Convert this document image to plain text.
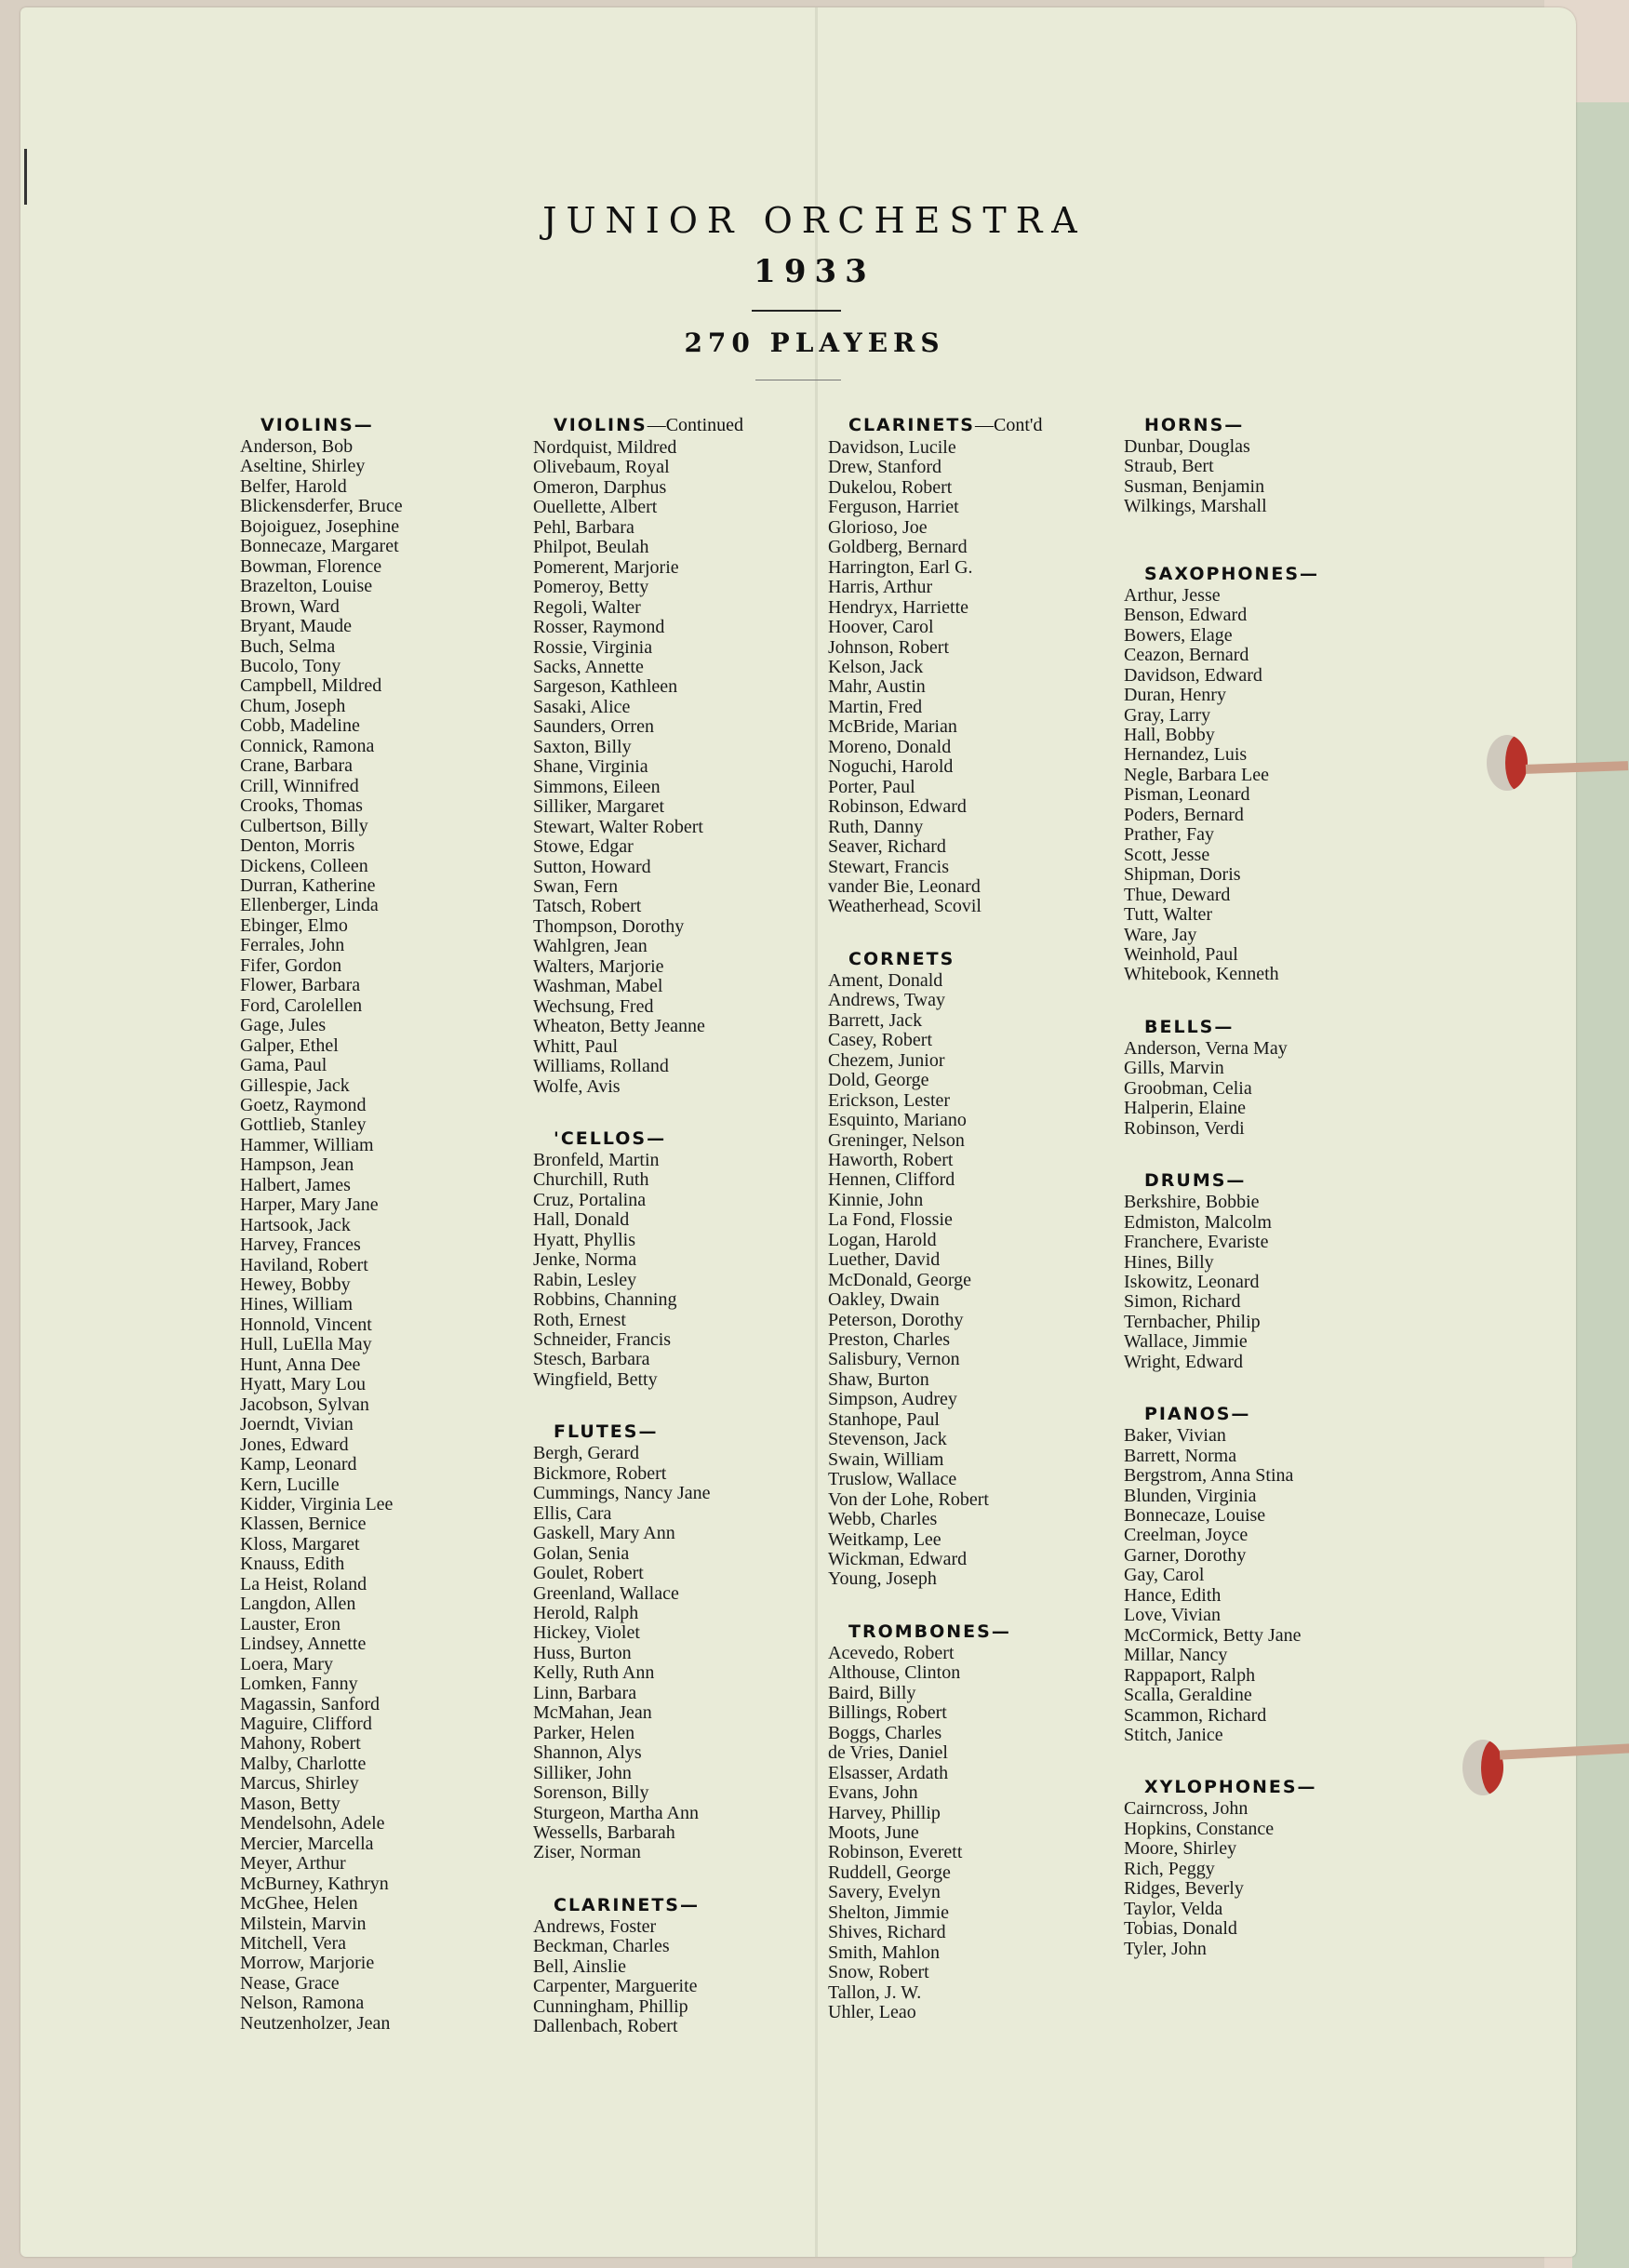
JUNIOR ORCHESTRA
1933
270 PLAYERS
VIOLINS—
Anderson, Bob
Aseltine, Shirley
Belfer, Harold
Blickensderfer, Bruce
Bojoiguez, Josephine
Bonnecaze, Margaret
Bowman, Florence
Brazelton, Louise
Brown, Ward
Bryant, Maude
Buch, Selma
Bucolo, Tony
Campbell, Mildred
Chum, Joseph
Cobb, Madeline
Connick, Ramona
Crane, Barbara
Crill, Winnifred
Crooks, Thomas
Culbertson, Billy
Denton, Morris
Dickens, Colleen
Durran, Katherine
Ellenberger, Linda
Ebinger, Elmo
Ferrales, John
Fifer, Gordon
Flower, Barbara
Ford, Carolellen
Gage, Jules
Galper, Ethel
Gama, Paul
Gillespie, Jack
Goetz, Raymond
Gottlieb, Stanley
Hammer, William
Hampson, Jean
Halbert, James
Harper, Mary Jane
Hartsook, Jack
Harvey, Frances
Haviland, Robert
Hewey, Bobby
Hines, William
Honnold, Vincent
Hull, LuElla May
Hunt, Anna Dee
Hyatt, Mary Lou
Jacobson, Sylvan
Joerndt, Vivian
Jones, Edward
Kamp, Leonard
Kern, Lucille
Kidder, Virginia Lee
Klassen, Bernice
Kloss, Margaret
Knauss, Edith
La Heist, Roland
Langdon, Allen
Lauster, Eron
Lindsey, Annette
Loera, Mary
Lomken, Fanny
Magassin, Sanford
Maguire, Clifford
Mahony, Robert
Malby, Charlotte
Marcus, Shirley
Mason, Betty
Mendelsohn, Adele
Mercier, Marcella
Meyer, Arthur
McBurney, Kathryn
McGhee, Helen
Milstein, Marvin
Mitchell, Vera
Morrow, Marjorie
Nease, Grace
Nelson, Ramona
Neutzenholzer, Jean
VIOLINS—Continued
Nordquist, Mildred
Olivebaum, Royal
Omeron, Darphus
Ouellette, Albert
Pehl, Barbara
Philpot, Beulah
Pomerent, Marjorie
Pomeroy, Betty
Regoli, Walter
Rosser, Raymond
Rossie, Virginia
Sacks, Annette
Sargeson, Kathleen
Sasaki, Alice
Saunders, Orren
Saxton, Billy
Shane, Virginia
Simmons, Eileen
Silliker, Margaret
Stewart, Walter Robert
Stowe, Edgar
Sutton, Howard
Swan, Fern
Tatsch, Robert
Thompson, Dorothy
Wahlgren, Jean
Walters, Marjorie
Washman, Mabel
Wechsung, Fred
Wheaton, Betty Jeanne
Whitt, Paul
Williams, Rolland
Wolfe, Avis
'CELLOS—
Bronfeld, Martin
Churchill, Ruth
Cruz, Portalina
Hall, Donald
Hyatt, Phyllis
Jenke, Norma
Rabin, Lesley
Robbins, Channing
Roth, Ernest
Schneider, Francis
Stesch, Barbara
Wingfield, Betty
FLUTES—
Bergh, Gerard
Bickmore, Robert
Cummings, Nancy Jane
Ellis, Cara
Gaskell, Mary Ann
Golan, Senia
Goulet, Robert
Greenland, Wallace
Herold, Ralph
Hickey, Violet
Huss, Burton
Kelly, Ruth Ann
Linn, Barbara
McMahan, Jean
Parker, Helen
Shannon, Alys
Silliker, John
Sorenson, Billy
Sturgeon, Martha Ann
Wessells, Barbarah
Ziser, Norman
CLARINETS—
Andrews, Foster
Beckman, Charles
Bell, Ainslie
Carpenter, Marguerite
Cunningham, Phillip
Dallenbach, Robert
CLARINETS—Cont'd
Davidson, Lucile
Drew, Stanford
Dukelou, Robert
Ferguson, Harriet
Glorioso, Joe
Goldberg, Bernard
Harrington, Earl G.
Harris, Arthur
Hendryx, Harriette
Hoover, Carol
Johnson, Robert
Kelson, Jack
Mahr, Austin
Martin, Fred
McBride, Marian
Moreno, Donald
Noguchi, Harold
Porter, Paul
Robinson, Edward
Ruth, Danny
Seaver, Richard
Stewart, Francis
vander Bie, Leonard
Weatherhead, Scovil
CORNETS
Ament, Donald
Andrews, Tway
Barrett, Jack
Casey, Robert
Chezem, Junior
Dold, George
Erickson, Lester
Esquinto, Mariano
Greninger, Nelson
Haworth, Robert
Hennen, Clifford
Kinnie, John
La Fond, Flossie
Logan, Harold
Luether, David
McDonald, George
Oakley, Dwain
Peterson, Dorothy
Preston, Charles
Salisbury, Vernon
Shaw, Burton
Simpson, Audrey
Stanhope, Paul
Stevenson, Jack
Swain, William
Truslow, Wallace
Von der Lohe, Robert
Webb, Charles
Weitkamp, Lee
Wickman, Edward
Young, Joseph
TROMBONES—
Acevedo, Robert
Althouse, Clinton
Baird, Billy
Billings, Robert
Boggs, Charles
de Vries, Daniel
Elsasser, Ardath
Evans, John
Harvey, Phillip
Moots, June
Robinson, Everett
Ruddell, George
Savery, Evelyn
Shelton, Jimmie
Shives, Richard
Smith, Mahlon
Snow, Robert
Tallon, J. W.
Uhler, Leao
HORNS—
Dunbar, Douglas
Straub, Bert
Susman, Benjamin
Wilkings, Marshall
SAXOPHONES—
Arthur, Jesse
Benson, Edward
Bowers, Elage
Ceazon, Bernard
Davidson, Edward
Duran, Henry
Gray, Larry
Hall, Bobby
Hernandez, Luis
Negle, Barbara Lee
Pisman, Leonard
Poders, Bernard
Prather, Fay
Scott, Jesse
Shipman, Doris
Thue, Deward
Tutt, Walter
Ware, Jay
Weinhold, Paul
Whitebook, Kenneth
BELLS—
Anderson, Verna May
Gills, Marvin
Groobman, Celia
Halperin, Elaine
Robinson, Verdi
DRUMS—
Berkshire, Bobbie
Edmiston, Malcolm
Franchere, Evariste
Hines, Billy
Iskowitz, Leonard
Simon, Richard
Ternbacher, Philip
Wallace, Jimmie
Wright, Edward
PIANOS—
Baker, Vivian
Barrett, Norma
Bergstrom, Anna Stina
Blunden, Virginia
Bonnecaze, Louise
Creelman, Joyce
Garner, Dorothy
Gay, Carol
Hance, Edith
Love, Vivian
McCormick, Betty Jane
Millar, Nancy
Rappaport, Ralph
Scalla, Geraldine
Scammon, Richard
Stitch, Janice
XYLOPHONES—
Cairncross, John
Hopkins, Constance
Moore, Shirley
Rich, Peggy
Ridges, Beverly
Taylor, Velda
Tobias, Donald
Tyler, John
